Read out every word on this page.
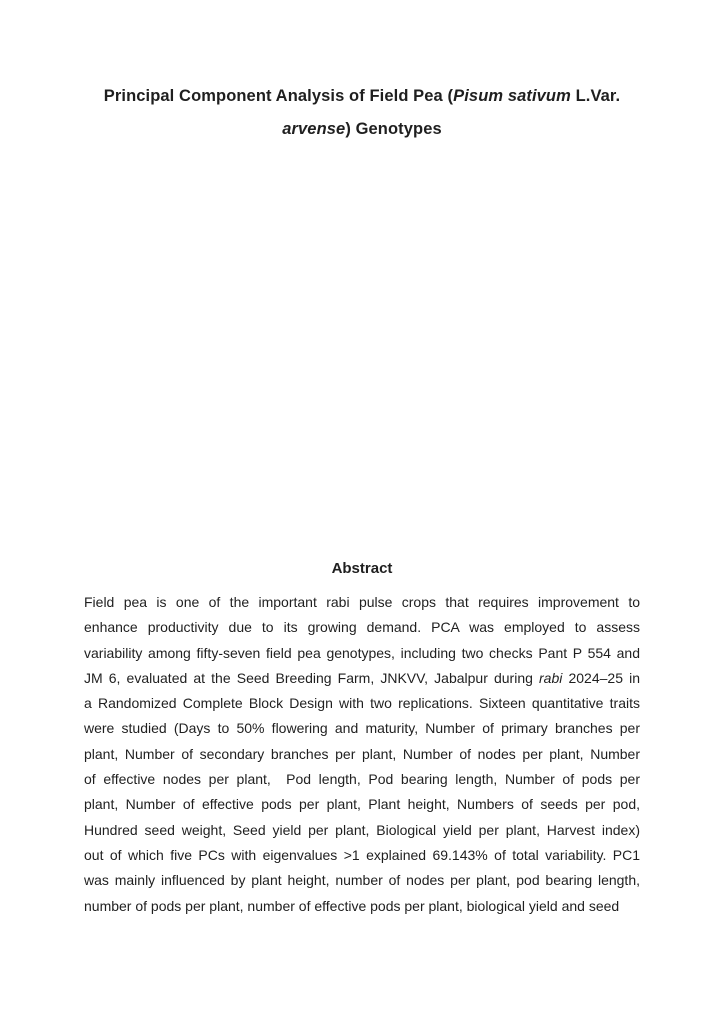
Principal Component Analysis of Field Pea (Pisum sativum L.Var.
arvense) Genotypes
Abstract
Field pea is one of the important rabi pulse crops that requires improvement to
enhance productivity due to its growing demand. PCA was employed to assess
variability among fifty-seven field pea genotypes, including two checks Pant P 554 and
JM 6, evaluated at the Seed Breeding Farm, JNKVV, Jabalpur during rabi 2024–25 in
a Randomized Complete Block Design with two replications. Sixteen quantitative traits
were studied (Days to 50% flowering and maturity, Number of primary branches per
plant, Number of secondary branches per plant, Number of nodes per plant, Number
of effective nodes per plant,  Pod length, Pod bearing length, Number of pods per
plant, Number of effective pods per plant, Plant height, Numbers of seeds per pod,
Hundred seed weight, Seed yield per plant, Biological yield per plant, Harvest index)
out of which five PCs with eigenvalues >1 explained 69.143% of total variability. PC1
was mainly influenced by plant height, number of nodes per plant, pod bearing length,
number of pods per plant, number of effective pods per plant, biological yield and seed
